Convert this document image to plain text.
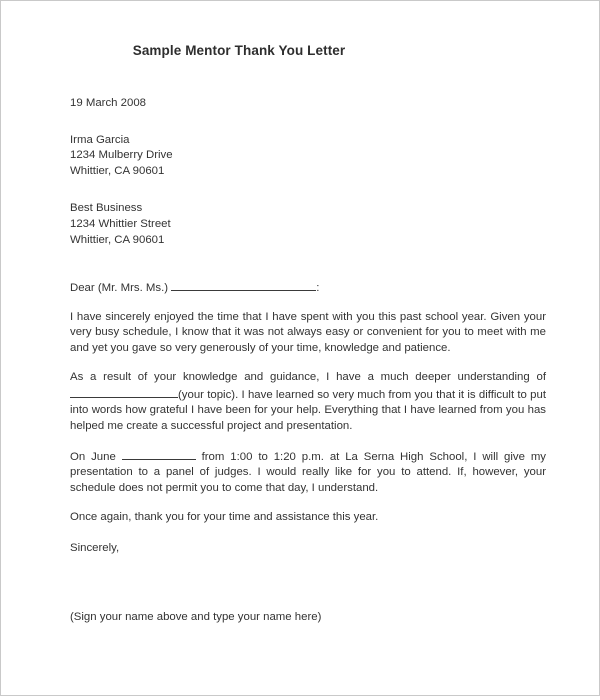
Sample Mentor Thank You Letter
19 March 2008
Irma Garcia
1234 Mulberry Drive
Whittier, CA 90601
Best Business
1234 Whittier Street
Whittier, CA 90601
Dear (Mr. Mrs. Ms.)	:

I have sincerely enjoyed the time that I have spent with you this past school year. Given your very busy schedule, I know that it was not always easy or convenient for you to meet with me and yet you gave so very generously of your time, knowledge and patience.

As a result of your knowledge and guidance, I have a much deeper understanding of (your topic). I have learned so very much from you that it is difficult to put into words how grateful I have been for your help. Everything that I have learned from you has helped me create a successful project and presentation.

On June	from 1:00 to 1:20 p.m. at La Serna High School, I will give my presentation to a panel of judges. I would really like for you to attend. If, however, your schedule does not permit you to come that day, I understand.

Once again, thank you for your time and assistance this year.

Sincerely,
(Sign your name above and type your name here)
